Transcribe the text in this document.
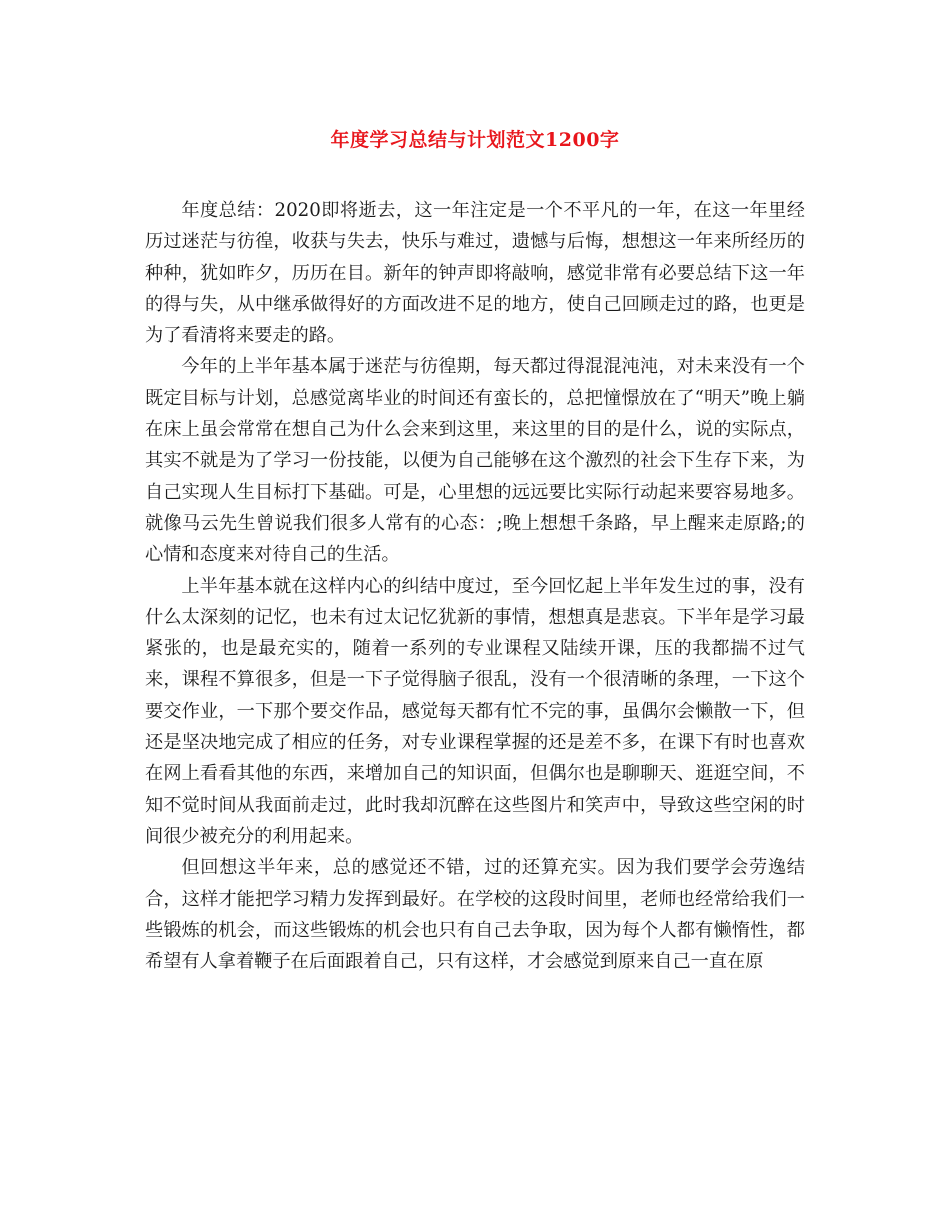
年度学习总结与计划范文1200字

年度总结：2020即将逝去，这一年注定是一个不平凡的一年，在这一年里经历过迷茫与彷徨，收获与失去，快乐与难过，遗憾与后悔，想想这一年来所经历的种种，犹如昨夕，历历在目。新年的钟声即将敲响，感觉非常有必要总结下这一年的得与失，从中继承做得好的方面改进不足的地方，使自己回顾走过的路，也更是为了看清将来要走的路。

今年的上半年基本属于迷茫与彷徨期，每天都过得混混沌沌，对未来没有一个既定目标与计划，总感觉离毕业的时间还有蛮长的，总把憧憬放在了“明天”晚上躺在床上虽会常常在想自己为什么会来到这里，来这里的目的是什么，说的实际点，其实不就是为了学习一份技能，以便为自己能够在这个激烈的社会下生存下来，为自己实现人生目标打下基础。可是，心里想的远远要比实际行动起来要容易地多。就像马云先生曾说我们很多人常有的心态：;晚上想想千条路，早上醒来走原路;的心情和态度来对待自己的生活。

上半年基本就在这样内心的纠结中度过，至今回忆起上半年发生过的事，没有什么太深刻的记忆，也未有过太记忆犹新的事情，想想真是悲哀。下半年是学习最紧张的，也是最充实的，随着一系列的专业课程又陆续开课，压的我都揣不过气来，课程不算很多，但是一下子觉得脑子很乱，没有一个很清晰的条理，一下这个要交作业，一下那个要交作品，感觉每天都有忙不完的事，虽偶尔会懒散一下，但还是坚决地完成了相应的任务，对专业课程掌握的还是差不多，在课下有时也喜欢在网上看看其他的东西，来增加自己的知识面，但偶尔也是聊聊天、逛逛空间，不知不觉时间从我面前走过，此时我却沉醉在这些图片和笑声中，导致这些空闲的时间很少被充分的利用起来。

但回想这半年来，总的感觉还不错，过的还算充实。因为我们要学会劳逸结合，这样才能把学习精力发挥到最好。在学校的这段时间里，老师也经常给我们一些锻炼的机会，而这些锻炼的机会也只有自己去争取，因为每个人都有懒惰性，都希望有人拿着鞭子在后面跟着自己，只有这样，才会感觉到原来自己一直在原
